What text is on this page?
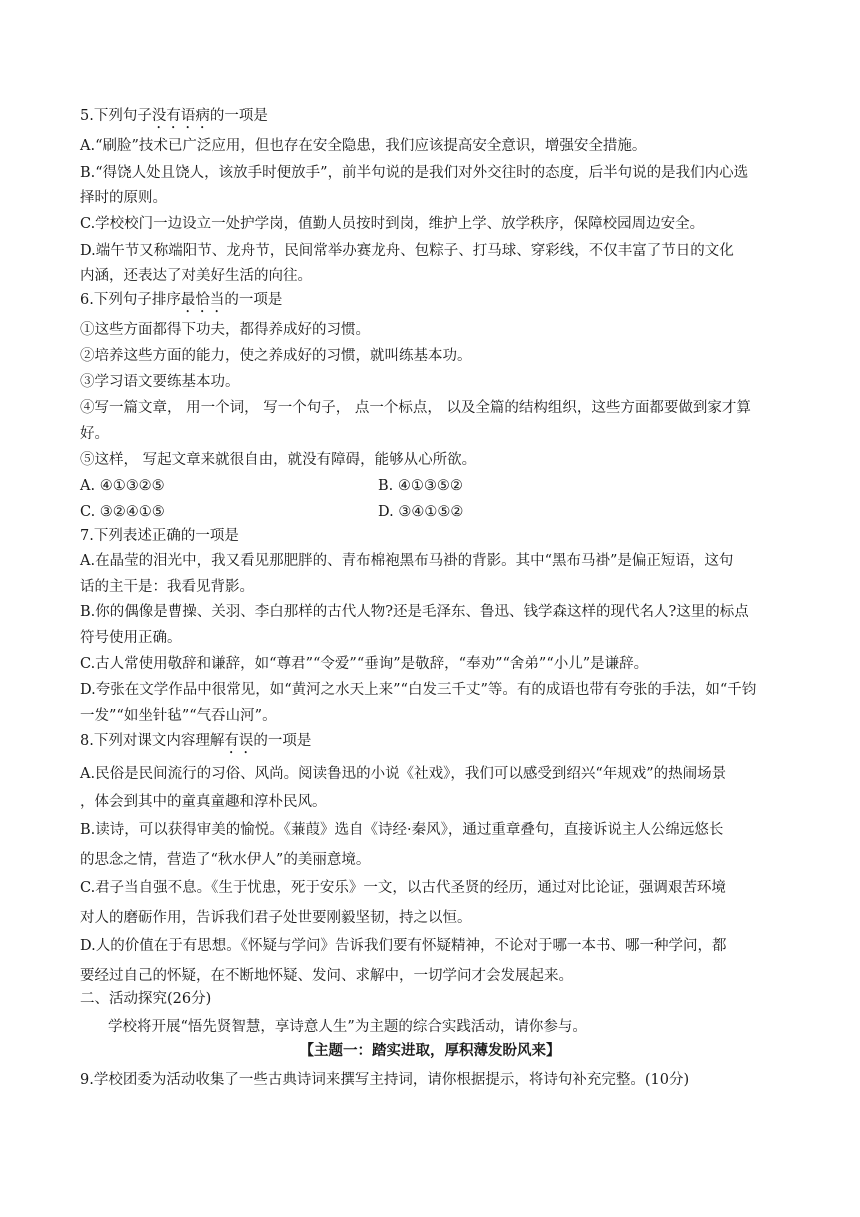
5.下列句子没有语病的一项是
A.“刷脸”技术已广泛应用，但也存在安全隐患，我们应该提高安全意识，增强安全措施。
B.“得饶人处且饶人，该放手时便放手”，前半句说的是我们对外交往时的态度，后半句说的是我们内心选
择时的原则。
C.学校校门一边设立一处护学岗，值勤人员按时到岗，维护上学、放学秩序，保障校园周边安全。
D.端午节又称端阳节、龙舟节，民间常举办赛龙舟、包粽子、打马球、穿彩线，不仅丰富了节日的文化
内涵，还表达了对美好生活的向往。
6.下列句子排序最恰当的一项是
①这些方面都得下功夫，都得养成好的习惯。
②培养这些方面的能力，使之养成好的习惯，就叫练基本功。
③学习语文要练基本功。
④写一篇文章， 用一个词， 写一个句子， 点一个标点， 以及全篇的结构组织，这些方面都要做到家才算
好。
⑤这样， 写起文章来就很自由，就没有障碍，能够从心所欲。
A. ④①③②⑤	B. ④①③⑤②
C. ③②④①⑤	D. ③④①⑤②
7.下列表述正确的一项是
A.在晶莹的泪光中，我又看见那肥胖的、青布棉袍黑布马褂的背影。其中“黑布马褂”是偏正短语，这句
话的主干是：我看见背影。
B.你的偶像是曹操、关羽、李白那样的古代人物?还是毛泽东、鲁迅、钱学森这样的现代名人?这里的标点
符号使用正确。
C.古人常使用敬辞和谦辞，如“尊君”“令爱”“垂询”是敬辞，“奉劝”“舍弟”“小儿”是谦辞。
D.夸张在文学作品中很常见，如“黄河之水天上来”“白发三千丈”等。有的成语也带有夸张的手法，如“千钧
一发”“如坐针毡”“气吞山河”。
8.下列对课文内容理解有误的一项是
A.民俗是民间流行的习俗、风尚。阅读鲁迅的小说《社戏》，我们可以感受到绍兴“年规戏”的热闹场景
，体会到其中的童真童趣和淳朴民风。
B.读诗，可以获得审美的愉悦。《蒹葭》选自《诗经·秦风》，通过重章叠句，直接诉说主人公绵远悠长
的思念之情，营造了“秋水伊人”的美丽意境。
C.君子当自强不息。《生于忧患，死于安乐》一文，以古代圣贤的经历，通过对比论证，强调艰苦环境
对人的磨砺作用，告诉我们君子处世要刚毅坚韧，持之以恒。
D.人的价值在于有思想。《怀疑与学问》告诉我们要有怀疑精神，不论对于哪一本书、哪一种学问，都
要经过自己的怀疑，在不断地怀疑、发问、求解中，一切学问才会发展起来。
二、活动探究(26分)
学校将开展“悟先贤智慧，享诗意人生”为主题的综合实践活动，请你参与。
【主题一：踏实进取，厚积薄发盼风来】
9.学校团委为活动收集了一些古典诗词来撰写主持词，请你根据提示，将诗句补充完整。(10分)
